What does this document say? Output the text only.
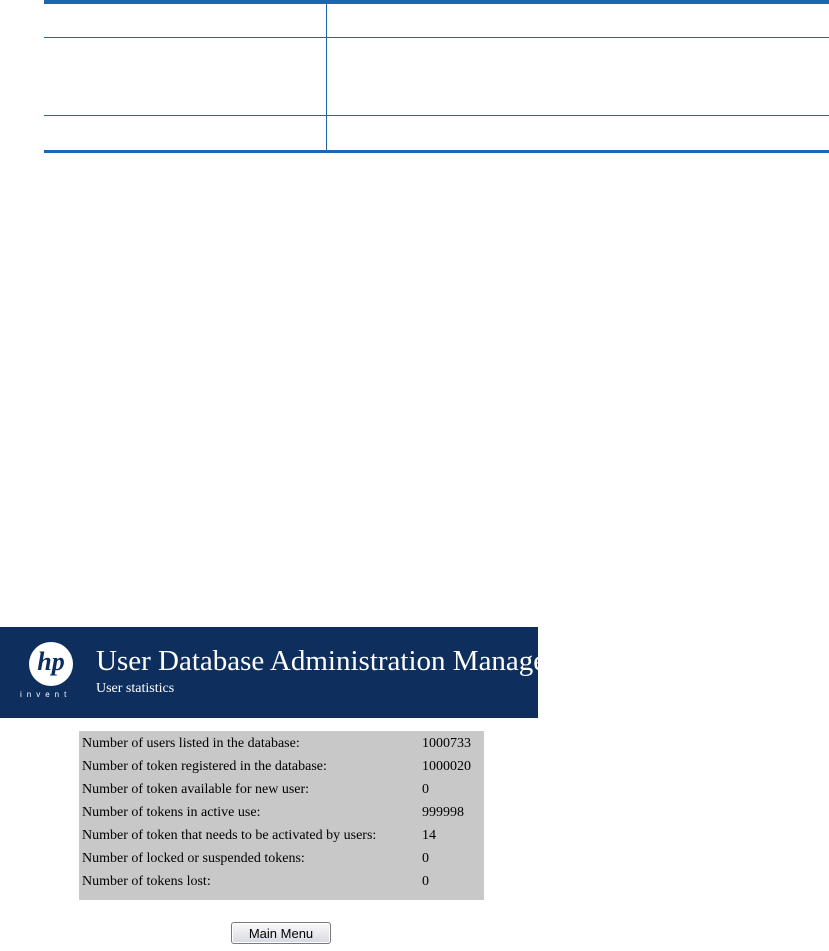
hp
invent
User Database Administration Manager
User statistics
Number of users listed in the database:	1000733
Number of token registered in the database:	1000020
Number of token available for new user:	0
Number of tokens in active use:	999998
Number of token that needs to be activated by users:	14
Number of locked or suspended tokens:	0
Number of tokens lost:	0
Main Menu
